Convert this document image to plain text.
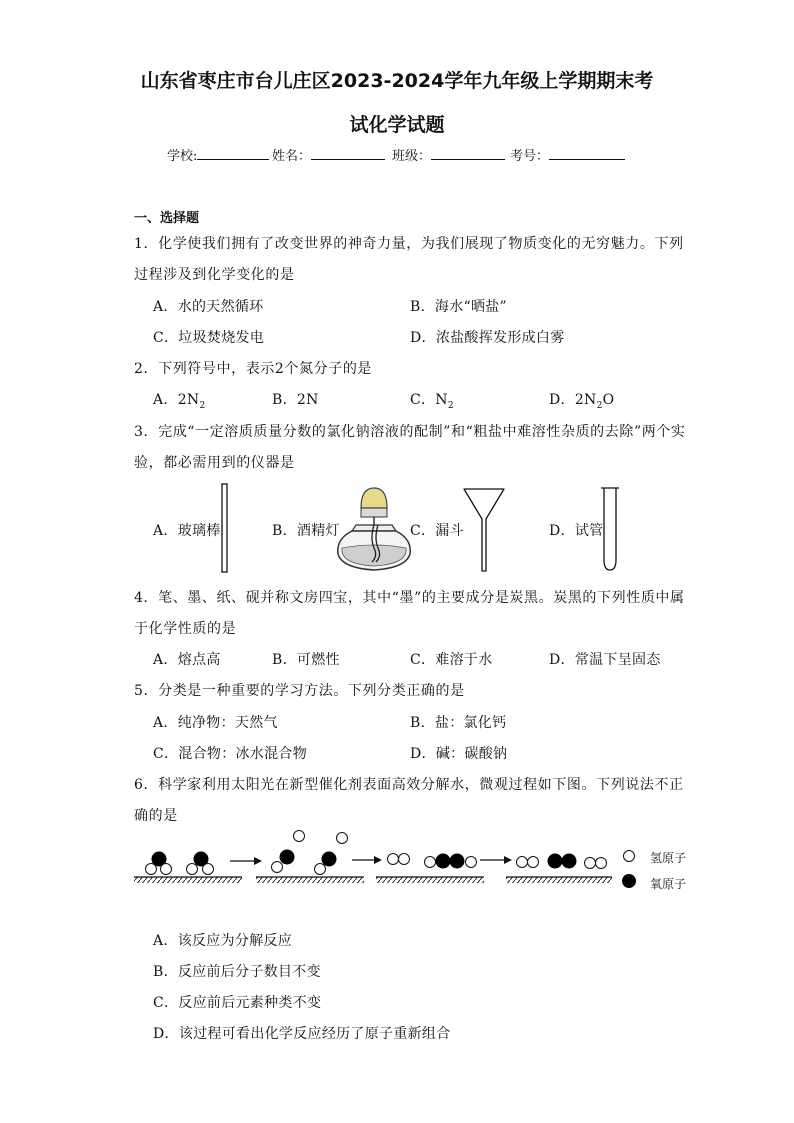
山东省枣庄市台儿庄区2023-2024学年九年级上学期期末考
试化学试题
学校:	姓名：	班级：	考号：
一、选择题
1．化学使我们拥有了改变世界的神奇力量，为我们展现了物质变化的无穷魅力。下列
过程涉及到化学变化的是
A．水的天然循环	B．海水“晒盐”
C．垃圾焚烧发电	D．浓盐酸挥发形成白雾
2．下列符号中，表示2个氮分子的是
A．$2N_2$	B．2N	C．$N_2$	D．$2N_2O$
3．完成“一定溶质质量分数的氯化钠溶液的配制”和“粗盐中难溶性杂质的去除”两个实
验，都必需用到的仪器是
A．玻璃棒	B．酒精灯	C．漏斗	D．试管
4．笔、墨、纸、砚并称文房四宝，其中“墨”的主要成分是炭黑。炭黑的下列性质中属
于化学性质的是
A．熔点高	B．可燃性	C．难溶于水	D．常温下呈固态
5．分类是一种重要的学习方法。下列分类正确的是
A．纯净物：天然气	B．盐：氯化钙
C．混合物：冰水混合物	D．碱：碳酸钠
6．科学家利用太阳光在新型催化剂表面高效分解水，微观过程如下图。下列说法不正
确的是
氢原子
氧原子
A．该反应为分解反应
B．反应前后分子数目不变
C．反应前后元素种类不变
D．该过程可看出化学反应经历了原子重新组合
